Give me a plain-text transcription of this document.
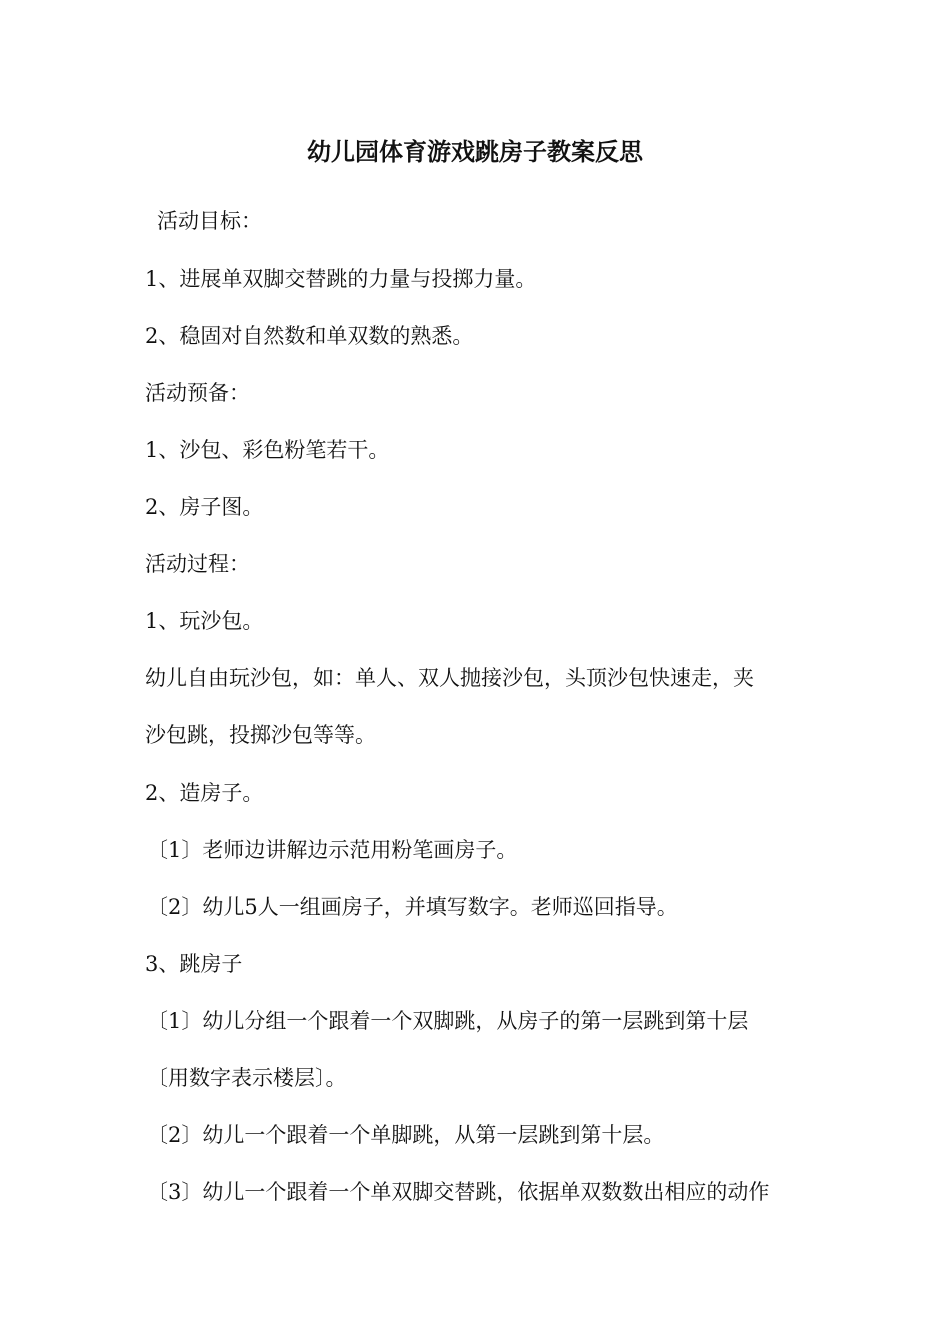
幼儿园体育游戏跳房子教案反思
活动目标：
1、进展单双脚交替跳的力量与投掷力量。
2、稳固对自然数和单双数的熟悉。
活动预备：
1、沙包、彩色粉笔若干。
2、房子图。
活动过程：
1、玩沙包。
幼儿自由玩沙包，如：单人、双人抛接沙包，头顶沙包快速走，夹
沙包跳，投掷沙包等等。
2、造房子。
〔1〕老师边讲解边示范用粉笔画房子。
〔2〕幼儿5人一组画房子，并填写数字。老师巡回指导。
3、跳房子
〔1〕幼儿分组一个跟着一个双脚跳，从房子的第一层跳到第十层
〔用数字表示楼层〕。
〔2〕幼儿一个跟着一个单脚跳，从第一层跳到第十层。
〔3〕幼儿一个跟着一个单双脚交替跳，依据单双数数出相应的动作
